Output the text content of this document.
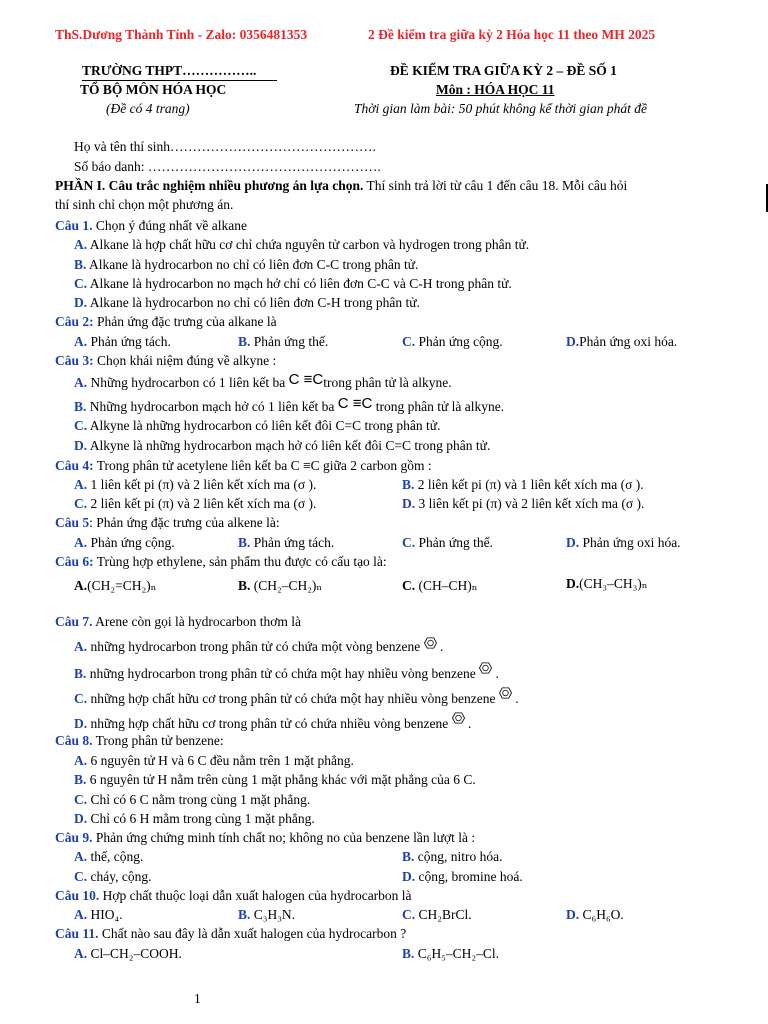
ThS.Dương Thành Tính - Zalo: 0356481353	2 Đề kiểm tra giữa kỳ 2 Hóa học 11 theo MH 2025
TRƯỜNG THPT……………..
TỔ BỘ MÔN HÓA HỌC
(Đề có 4 trang)
ĐỀ KIỂM TRA GIỮA KỲ 2 – ĐỀ SỐ 1
Môn : HÓA HỌC 11
Thời gian làm bài: 50 phút không kể thời gian phát đề
Họ và tên thí sinh……………………………………….
Số báo danh: …………………………………………….
PHẦN I. Câu trắc nghiệm nhiều phương án lựa chọn. Thí sinh trả lời từ câu 1 đến câu 18. Mỗi câu hỏi
thí sinh chỉ chọn một phương án.
Câu 1. Chọn ý đúng nhất về alkane
A. Alkane là hợp chất hữu cơ chỉ chứa nguyên tử carbon và hydrogen trong phân tử.
B. Alkane là hydrocarbon no chỉ có liên đơn C-C trong phân tử.
C. Alkane là hydrocarbon no mạch hở chỉ có liên đơn C-C và C-H trong phân tử.
D. Alkane là hydrocarbon no chỉ có liên đơn C-H trong phân tử.
Câu 2: Phản ứng đặc trưng của alkane là
A. Phản ứng tách.	B. Phản ứng thế.	C. Phản ứng cộng.	D.Phản ứng oxi hóa.
Câu 3: Chọn khái niệm đúng về alkyne :
A. Những hydrocarbon có 1 liên kết ba C ≡Ctrong phân tử là alkyne.
B. Những hydrocarbon mạch hở có 1 liên kết ba C ≡C trong phân tử là alkyne.
C. Alkyne là những hydrocarbon có liên kết đôi C=C trong phân tử.
D. Alkyne là những hydrocarbon mạch hở có liên kết đôi C=C trong phân tử.
Câu 4: Trong phân tử acetylene liên kết ba C ≡C giữa 2 carbon gồm :
A. 1 liên kết pi (π) và 2 liên kết xích ma (σ ).	B. 2 liên kết pi (π) và 1 liên kết xích ma (σ ).
C. 2 liên kết pi (π) và 2 liên kết xích ma (σ ).	D. 3 liên kết pi (π) và 2 liên kết xích ma (σ ).
Câu 5: Phản ứng đặc trưng của alkene là:
A. Phản ứng cộng.	B. Phản ứng tách.	C. Phản ứng thế.	D. Phản ứng oxi hóa.
Câu 6: Trùng hợp ethylene, sản phẩm thu được có cấu tạo là:
A.(CH₂=CH₂)ₙ	B. (CH₂–CH₂)ₙ	C. (CH–CH)ₙ	D.(CH₃–CH₃)ₙ
Câu 7. Arene còn gọi là hydrocarbon thơm là
A. những hydrocarbon trong phân tử có chứa một vòng benzene  .
B. những hydrocarbon trong phân tử có chứa một hay nhiều vòng benzene  .
C. những hợp chất hữu cơ trong phân tử có chứa một hay nhiều vòng benzene  .
D. những hợp chất hữu cơ trong phân tử có chứa nhiều vòng benzene  .
Câu 8. Trong phân tử benzene:
A. 6 nguyên tử H và 6 C đều nằm trên 1 mặt phẳng.
B. 6 nguyên tử H nằm trên cùng 1 mặt phẳng khác với mặt phẳng của 6 C.
C. Chỉ có 6 C nằm trong cùng 1 mặt phẳng.
D. Chỉ có 6 H mằm trong cùng 1 mặt phẳng.
Câu 9. Phản ứng chứng minh tính chất no; không no của benzene lần lượt là :
A. thế, cộng.	B. cộng, nitro hóa.
C. cháy, cộng.	D. cộng, bromine hoá.
Câu 10. Hợp chất thuộc loại dẫn xuất halogen của hydrocarbon là
A. HIO₄.	B. C₃H₃N.	C. CH₂BrCl.	D. C₆H₆O.
Câu 11. Chất nào sau đây là dẫn xuất halogen của hydrocarbon ?
A. Cl–CH₂–COOH.	B. C₆H₅–CH₂–Cl.
1
